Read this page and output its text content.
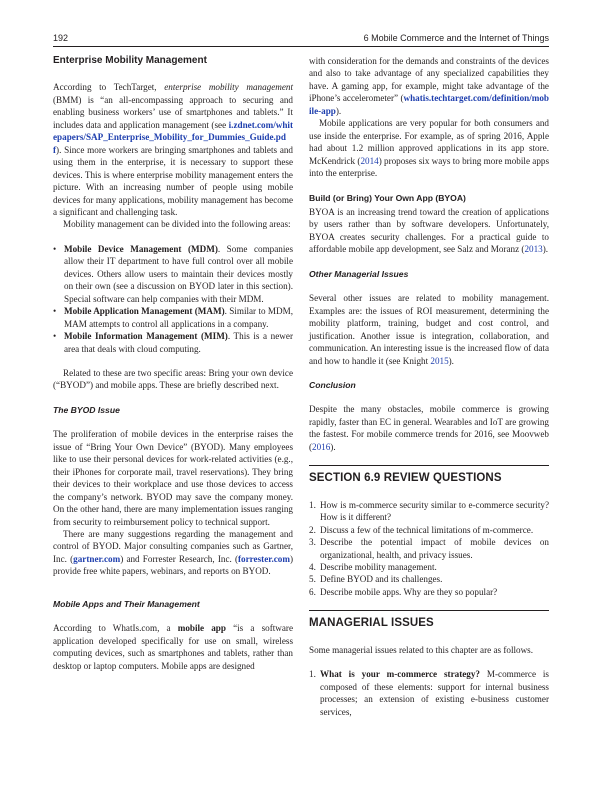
192	6 Mobile Commerce and the Internet of Things
Enterprise Mobility Management

According to TechTarget, enterprise mobility management (BMM) is “an all-encompassing approach to securing and enabling business workers’ use of smartphones and tablets.” It includes data and application management (see i.zdnet.com/whitepapers/SAP_Enterprise_Mobility_for_Dummies_Guide.pdf). Since more workers are bringing smartphones and tablets and using them in the enterprise, it is necessary to support these devices. This is where enterprise mobility management enters the picture. With an increasing number of people using mobile devices for many applications, mobility management has become a significant and challenging task.

Mobility management can be divided into the following areas:

• Mobile Device Management (MDM). Some companies allow their IT department to have full control over all mobile devices. Others allow users to maintain their devices mostly on their own (see a discussion on BYOD later in this section). Special software can help companies with their MDM.
• Mobile Application Management (MAM). Similar to MDM, MAM attempts to control all applications in a company.
• Mobile Information Management (MIM). This is a newer area that deals with cloud computing.

Related to these are two specific areas: Bring your own device (“BYOD”) and mobile apps. These are briefly described next.

The BYOD Issue

The proliferation of mobile devices in the enterprise raises the issue of “Bring Your Own Device” (BYOD). Many employees like to use their personal devices for work-related activities (e.g., their iPhones for corporate mail, travel reservations). They bring their devices to their workplace and use those devices to access the company’s network. BYOD may save the company money. On the other hand, there are many implementation issues ranging from security to reimbursement policy to technical support.

There are many suggestions regarding the management and control of BYOD. Major consulting companies such as Gartner, Inc. (gartner.com) and Forrester Research, Inc. (forrester.com) provide free white papers, webinars, and reports on BYOD.

Mobile Apps and Their Management

According to WhatIs.com, a mobile app “is a software application developed specifically for use on small, wireless computing devices, such as smartphones and tablets, rather than desktop or laptop computers. Mobile apps are designed

with consideration for the demands and constraints of the devices and also to take advantage of any specialized capabilities they have. A gaming app, for example, might take advantage of the iPhone’s accelerometer” (whatis.techtarget.com/definition/mobile-app).

Mobile applications are very popular for both consumers and use inside the enterprise. For example, as of spring 2016, Apple had about 1.2 million approved applications in its app store. McKendrick (2014) proposes six ways to bring more mobile apps into the enterprise.

Build (or Bring) Your Own App (BYOA)

BYOA is an increasing trend toward the creation of applications by users rather than by software developers. Unfortunately, BYOA creates security challenges. For a practical guide to affordable mobile app development, see Salz and Moranz (2013).

Other Managerial Issues

Several other issues are related to mobility management. Examples are: the issues of ROI measurement, determining the mobility platform, training, budget and cost control, and justification. Another issue is integration, collaboration, and communication. An interesting issue is the increased flow of data and how to handle it (see Knight 2015).

Conclusion

Despite the many obstacles, mobile commerce is growing rapidly, faster than EC in general. Wearables and IoT are growing the fastest. For mobile commerce trends for 2016, see Moovweb (2016).

SECTION 6.9 REVIEW QUESTIONS
1. How is m-commerce security similar to e-commerce security? How is it different?
2. Discuss a few of the technical limitations of m-commerce.
3. Describe the potential impact of mobile devices on organizational, health, and privacy issues.
4. Describe mobility management.
5. Define BYOD and its challenges.
6. Describe mobile apps. Why are they so popular?
MANAGERIAL ISSUES

Some managerial issues related to this chapter are as follows.

1. What is your m-commerce strategy? M-commerce is composed of these elements: support for internal business processes; an extension of existing e-business customer services,
